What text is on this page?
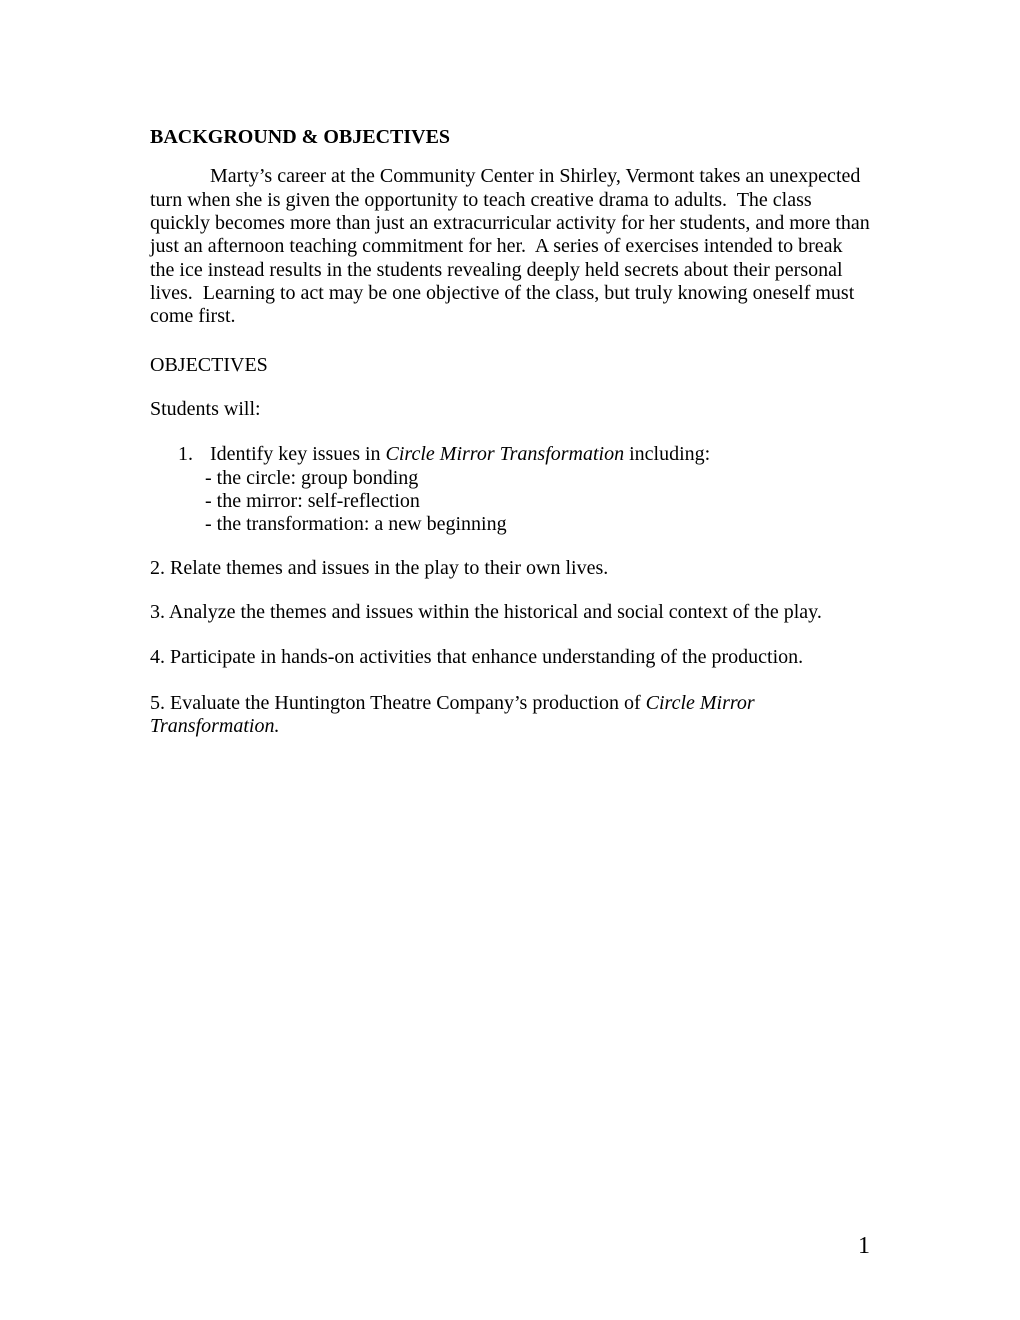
BACKGROUND & OBJECTIVES
Marty’s career at the Community Center in Shirley, Vermont takes an unexpected
turn when she is given the opportunity to teach creative drama to adults.  The class
quickly becomes more than just an extracurricular activity for her students, and more than
just an afternoon teaching commitment for her.  A series of exercises intended to break
the ice instead results in the students revealing deeply held secrets about their personal
lives.  Learning to act may be one objective of the class, but truly knowing oneself must
come first.
OBJECTIVES
Students will:
1. Identify key issues in Circle Mirror Transformation including:
- the circle: group bonding
- the mirror: self-reflection
- the transformation: a new beginning
2. Relate themes and issues in the play to their own lives.
3. Analyze the themes and issues within the historical and social context of the play.
4. Participate in hands-on activities that enhance understanding of the production.
5. Evaluate the Huntington Theatre Company’s production of Circle Mirror
Transformation.
1
